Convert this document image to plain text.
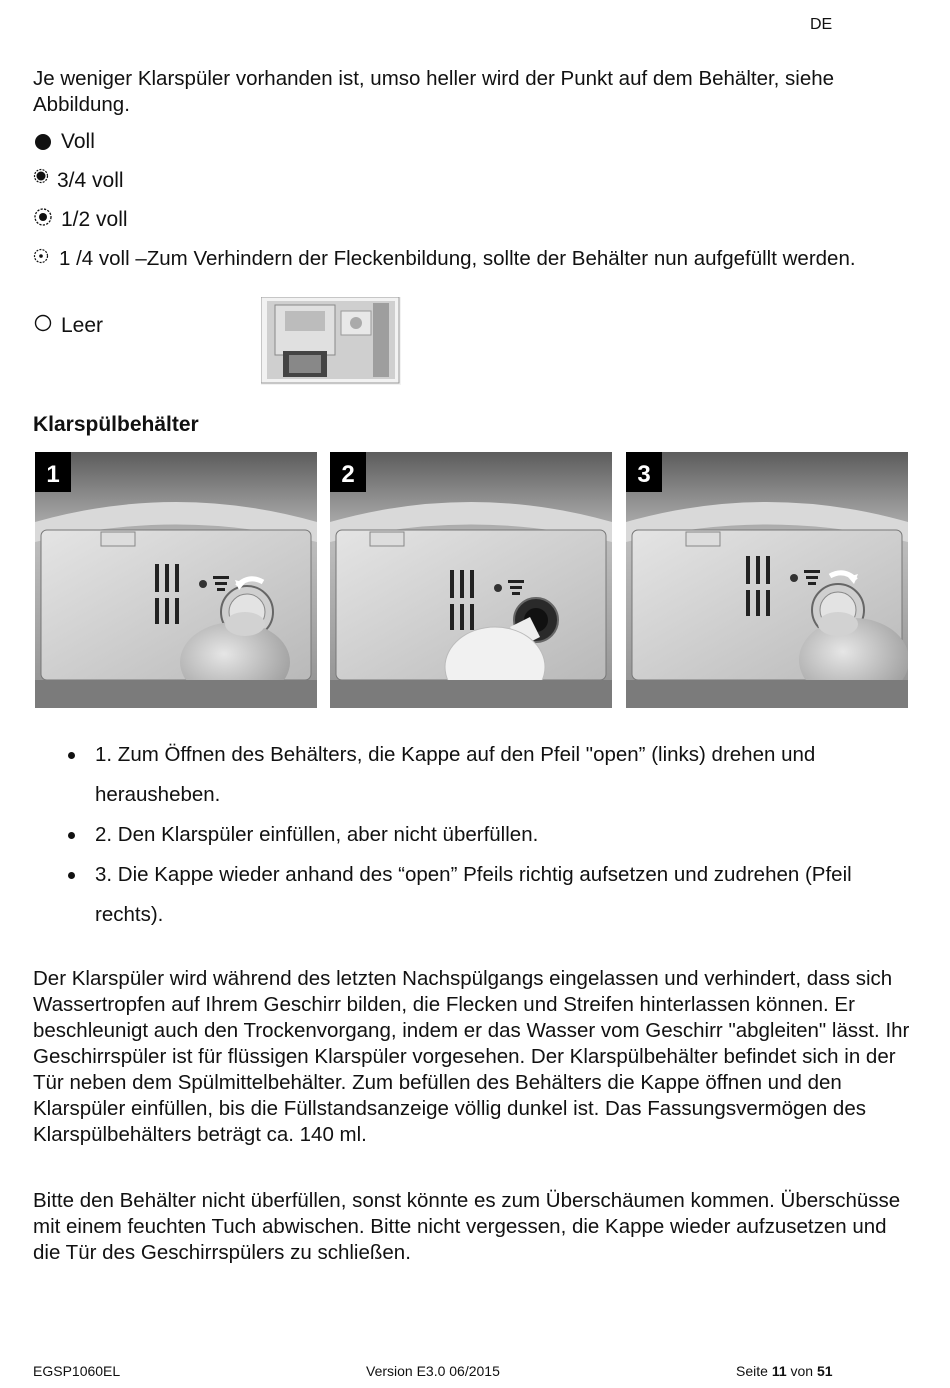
DE
Je weniger Klarspüler vorhanden ist, umso heller wird der Punkt auf dem Behälter, siehe Abbildung.
Voll
3/4 voll
1/2 voll
1 /4 voll –Zum Verhindern der Fleckenbildung, sollte der Behälter nun aufgefüllt werden.
Leer
Klarspülbehälter
1	2	3

1. Zum Öffnen des Behälters, die Kappe auf den Pfeil "open” (links) drehen und herausheben.

2. Den Klarspüler einfüllen, aber nicht überfüllen.

3. Die Kappe wieder anhand des “open” Pfeils richtig aufsetzen und zudrehen (Pfeil rechts).

Der Klarspüler wird während des letzten Nachspülgangs eingelassen und verhindert, dass sich Wassertropfen auf Ihrem Geschirr bilden, die Flecken und Streifen hinterlassen können. Er beschleunigt auch den Trockenvorgang, indem er das Wasser vom Geschirr "abgleiten" lässt. Ihr Geschirrspüler ist für flüssigen Klarspüler vorgesehen. Der Klarspülbehälter befindet sich in der Tür neben dem Spülmittelbehälter. Zum befüllen des Behälters die Kappe öffnen und den Klarspüler einfüllen, bis die Füllstandsanzeige völlig dunkel ist. Das Fassungsvermögen des Klarspülbehälters beträgt ca. 140 ml.
Bitte den Behälter nicht überfüllen, sonst könnte es zum Überschäumen kommen. Überschüsse mit einem feuchten Tuch abwischen. Bitte nicht vergessen, die Kappe wieder aufzusetzen und die Tür des Geschirrspülers zu schließen.
EGSP1060EL	Version E3.0 06/2015	Seite 11 von 51
